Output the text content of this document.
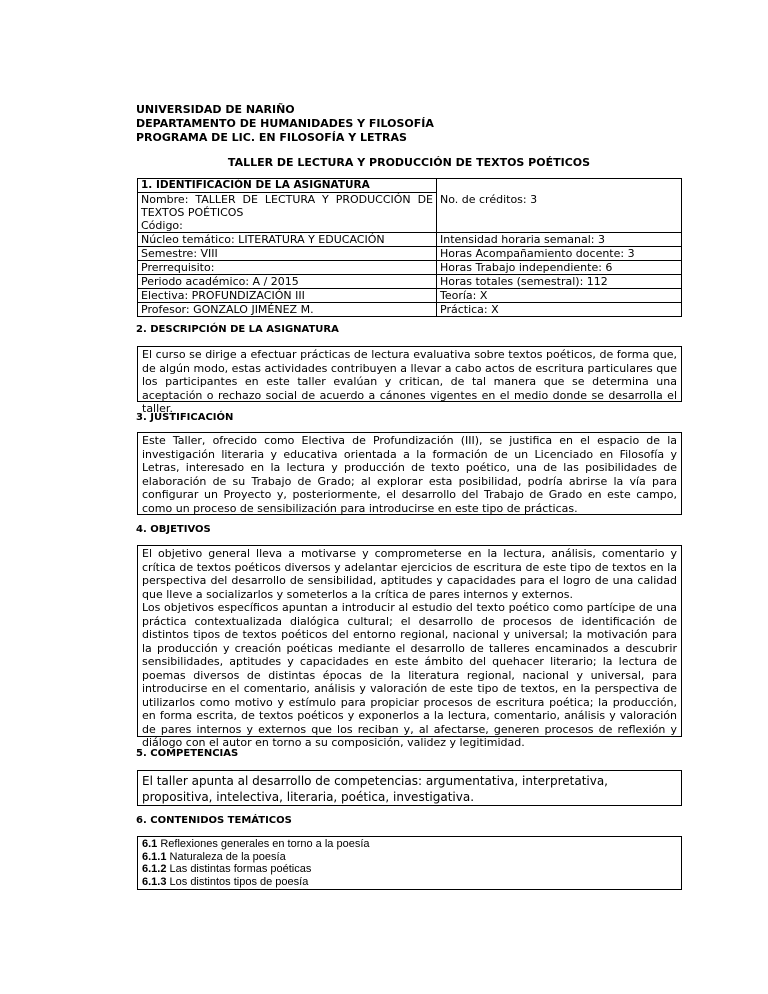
UNIVERSIDAD DE NARIÑO
DEPARTAMENTO DE HUMANIDADES Y FILOSOFÍA
PROGRAMA DE LIC. EN FILOSOFÍA Y LETRAS
TALLER DE LECTURA Y PRODUCCIÓN DE TEXTOS POÉTICOS
1. IDENTIFICACIÓN DE LA ASIGNATURA	No. de créditos: 3
Nombre: TALLER DE LECTURA Y PRODUCCIÓN DE TEXTOS POÉTICOS	
Código:	
Núcleo temático: LITERATURA Y EDUCACIÓN	Intensidad horaria semanal: 3
Semestre: VIII	Horas Acompañamiento docente: 3
Prerrequisito:	Horas Trabajo independiente: 6
Periodo académico: A / 2015	Horas totales (semestral): 112
Electiva: PROFUNDIZACIÓN III	Teoría: X
Profesor: GONZALO JIMÉNEZ M.	Práctica: X
2. DESCRIPCIÓN DE LA ASIGNATURA

El curso se dirige a efectuar prácticas de lectura evaluativa sobre textos poéticos, de forma que, de algún modo, estas actividades contribuyen a llevar a cabo actos de escritura particulares que los participantes en este taller evalúan y critican, de tal manera que se determina una aceptación o rechazo social de acuerdo a cánones vigentes en el medio donde se desarrolla el taller.

3. JUSTIFICACIÓN

Este Taller, ofrecido como Electiva de Profundización (III), se justifica en el espacio de la investigación literaria y educativa orientada a la formación de un Licenciado en Filosofía y Letras, interesado en la lectura y producción de texto poético, una de las posibilidades de elaboración de su Trabajo de Grado; al explorar esta posibilidad, podría abrirse la vía para configurar un Proyecto y, posteriormente, el desarrollo del Trabajo de Grado en este campo, como un proceso de sensibilización para introducirse en este tipo de prácticas.

4. OBJETIVOS

El objetivo general lleva a motivarse y comprometerse en la lectura, análisis, comentario y crítica de textos poéticos diversos y adelantar ejercicios de escritura de este tipo de textos en la perspectiva del desarrollo de sensibilidad, aptitudes y capacidades para el logro de una calidad que lleve a socializarlos y someterlos a la crítica de pares internos y externos.

Los objetivos específicos apuntan a introducir al estudio del texto poético como partícipe de una práctica contextualizada dialógica cultural; el desarrollo de procesos de identificación de distintos tipos de textos poéticos del entorno regional, nacional y universal; la motivación para la producción y creación poéticas mediante el desarrollo de talleres encaminados a descubrir sensibilidades, aptitudes y capacidades en este ámbito del quehacer literario; la lectura de poemas diversos de distintas épocas de la literatura regional, nacional y universal, para introducirse en el comentario, análisis y valoración de este tipo de textos, en la perspectiva de utilizarlos como motivo y estímulo para propiciar procesos de escritura poética; la producción, en forma escrita, de textos poéticos y exponerlos a la lectura, comentario, análisis y valoración de pares internos y externos que los reciban y, al afectarse, generen procesos de reflexión y diálogo con el autor en torno a su composición, validez y legitimidad.

5. COMPETENCIAS

El taller apunta al desarrollo de competencias: argumentativa, interpretativa, propositiva, intelectiva, literaria, poética, investigativa.

6. CONTENIDOS TEMÁTICOS
6.1 Reflexiones generales en torno a la poesía
6.1.1 Naturaleza de la poesía
6.1.2 Las distintas formas poéticas
6.1.3 Los distintos tipos de poesía
